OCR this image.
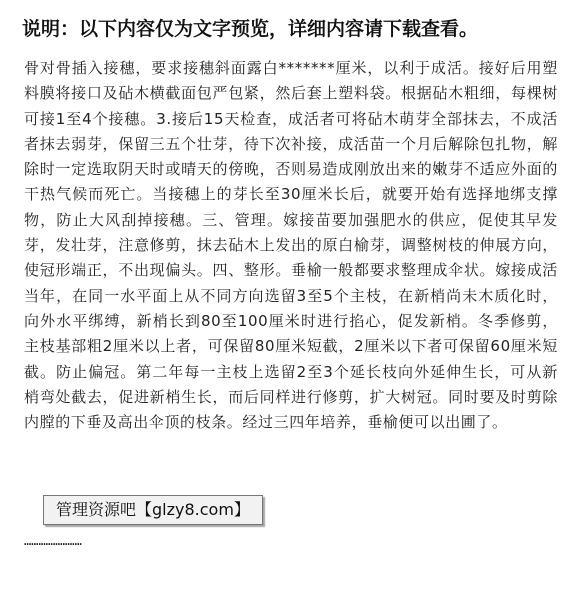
说明：以下内容仅为文字预览，详细内容请下载查看。

骨对骨插入接穗，要求接穗斜面露白*******厘米，以利于成活。接好后用塑料膜将接口及砧木横截面包严包紧，然后套上塑料袋。根据砧木粗细，每棵树可接1至4个接穗。3.接后15天检查，成活者可将砧木萌芽全部抹去，不成活者抹去弱芽，保留三五个壮芽，待下次补接，成活苗一个月后解除包扎物，解除时一定选取阴天时或晴天的傍晚，否则易造成刚放出来的嫩芽不适应外面的干热气候而死亡。当接穗上的芽长至30厘米长后，就要开始有选择地绑支撑物，防止大风刮掉接穗。三、管理。嫁接苗要加强肥水的供应，促使其早发芽，发壮芽，注意修剪，抹去砧木上发出的原白榆芽，调整树枝的伸展方向，使冠形端正，不出现偏头。四、整形。垂榆一般都要求整理成伞状。嫁接成活当年，在同一水平面上从不同方向选留3至5个主枝，在新梢尚未木质化时，向外水平绑缚，新梢长到80至100厘米时进行掐心，促发新梢。冬季修剪，主枝基部粗2厘米以上者，可保留80厘米短截，2厘米以下者可保留60厘米短截。防止偏冠。第二年每一主枝上选留2至3个延长枝向外延伸生长，可从新梢弯处截去，促进新梢生长，而后同样进行修剪，扩大树冠。同时要及时剪除内膛的下垂及高出伞顶的枝条。经过三四年培养，垂榆便可以出圃了。

管理资源吧【glzy8.com】
……………………
